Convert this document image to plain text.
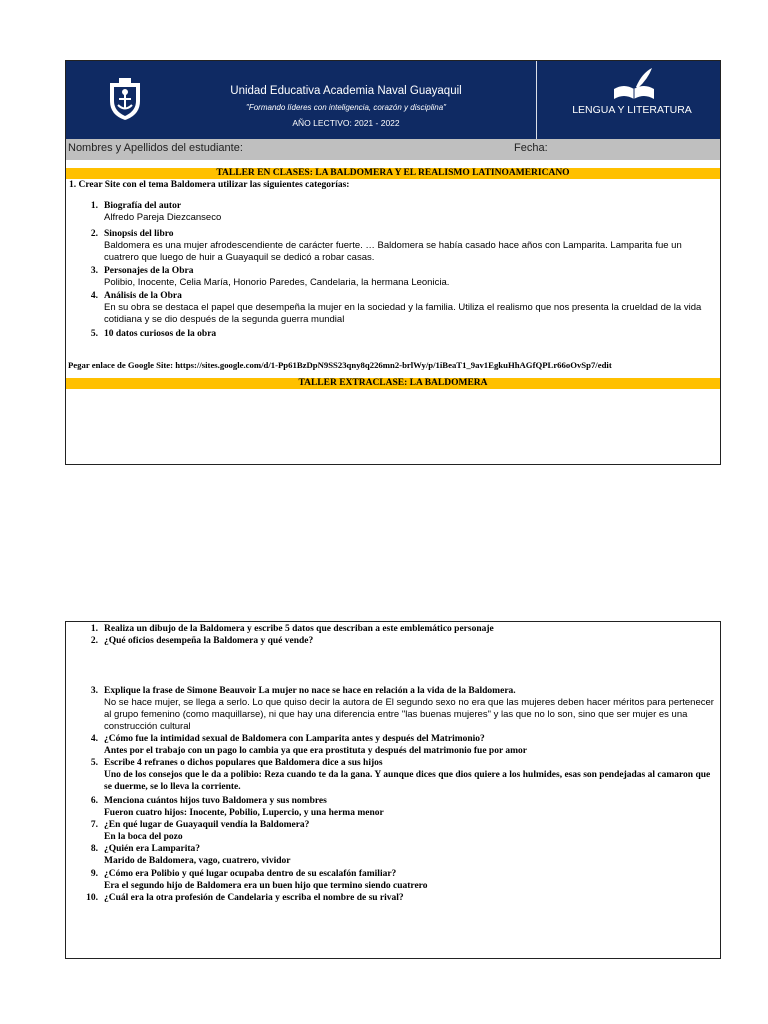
Unidad Educativa Academia Naval Guayaquil
"Formando líderes con inteligencia, corazón y disciplina"
AÑO LECTIVO: 2021 - 2022
LENGUA Y LITERATURA
Nombres y Apellidos del estudiante:	Fecha:
TALLER EN CLASES: LA BALDOMERA Y EL REALISMO LATINOAMERICANO
1. Crear Site con el tema Baldomera utilizar las siguientes categorías:
1. Biografía del autor
Alfredo Pareja Diezcanseco
2. Sinopsis del libro
Baldomera es una mujer afrodescendiente de carácter fuerte. … Baldomera se había casado hace años con Lamparita. Lamparita fue un cuatrero que luego de huir a Guayaquil se dedicó a robar casas.
3. Personajes de la Obra
Polibio, Inocente, Celia María, Honorio Paredes, Candelaria, la hermana Leonicia.
4. Análisis de la Obra
En su obra se destaca el papel que desempeña la mujer en la sociedad y la familia. Utiliza el realismo que nos presenta la crueldad de la vida cotidiana y se dio después de la segunda guerra mundial
5. 10 datos curiosos de la obra
Pegar enlace de Google Site: https://sites.google.com/d/1-Pp61BzDpN9SS23qny8q226mn2-brlWy/p/1iBeaT1_9av1EgkuHhAGfQPLr66oOvSp7/edit
TALLER EXTRACLASE: LA BALDOMERA
1. Realiza un dibujo de la Baldomera y escribe 5 datos que describan a este emblemático personaje
2. ¿Qué oficios desempeña la Baldomera y qué vende?
3. Explique la frase de Simone Beauvoir La mujer no nace se hace en relación a la vida de la Baldomera.
No se hace mujer, se llega a serlo. Lo que quiso decir la autora de El segundo sexo no era que las mujeres deben hacer méritos para pertenecer al grupo femenino (como maquillarse), ni que hay una diferencia entre "las buenas mujeres" y las que no lo son, sino que ser mujer es una construcción cultural
4. ¿Cómo fue la intimidad sexual de Baldomera con Lamparita antes y después del Matrimonio?
Antes por el trabajo con un pago lo cambia ya que era prostituta y después del matrimonio fue por amor
5. Escribe 4 refranes o dichos populares que Baldomera dice a sus hijos
Uno de los consejos que le da a polibio: Reza cuando te da la gana. Y aunque dices que dios quiere a los hulmides, esas son pendejadas al camaron que se duerme, se lo lleva la corriente.
6. Menciona cuántos hijos tuvo Baldomera y sus nombres
Fueron cuatro hijos: Inocente, Pobilio, Lupercio, y una herma menor
7. ¿En qué lugar de Guayaquil vendía la Baldomera?
En la boca del pozo
8. ¿Quién era Lamparita?
Marido de Baldomera, vago, cuatrero, vividor
9. ¿Cómo era Polibio y qué lugar ocupaba dentro de su escalafón familiar?
Era el segundo hijo de Baldomera era un buen hijo que termino siendo cuatrero
10. ¿Cuál era la otra profesión de Candelaria y escriba el nombre de su rival?
